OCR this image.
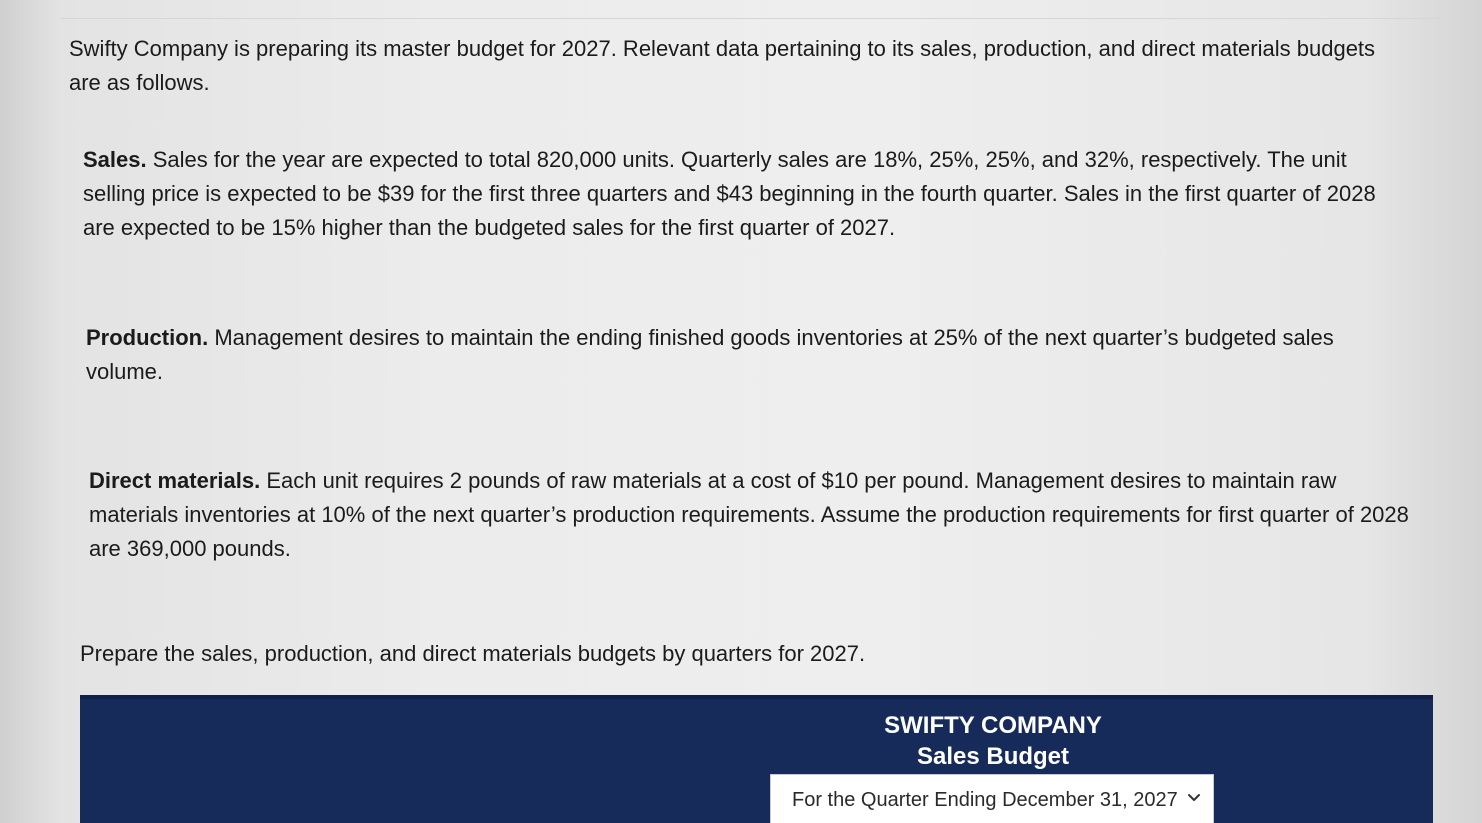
Swifty Company is preparing its master budget for 2027. Relevant data pertaining to its sales, production, and direct materials budgets are as follows.

Sales. Sales for the year are expected to total 820,000 units. Quarterly sales are 18%, 25%, 25%, and 32%, respectively. The unit selling price is expected to be $39 for the first three quarters and $43 beginning in the fourth quarter. Sales in the first quarter of 2028 are expected to be 15% higher than the budgeted sales for the first quarter of 2027.

Production. Management desires to maintain the ending finished goods inventories at 25% of the next quarter’s budgeted sales volume.

Direct materials. Each unit requires 2 pounds of raw materials at a cost of $10 per pound. Management desires to maintain raw materials inventories at 10% of the next quarter’s production requirements. Assume the production requirements for first quarter of 2028 are 369,000 pounds.

Prepare the sales, production, and direct materials budgets by quarters for 2027.

SWIFTY COMPANY
Sales Budget
For the Quarter Ending December 31, 2027
